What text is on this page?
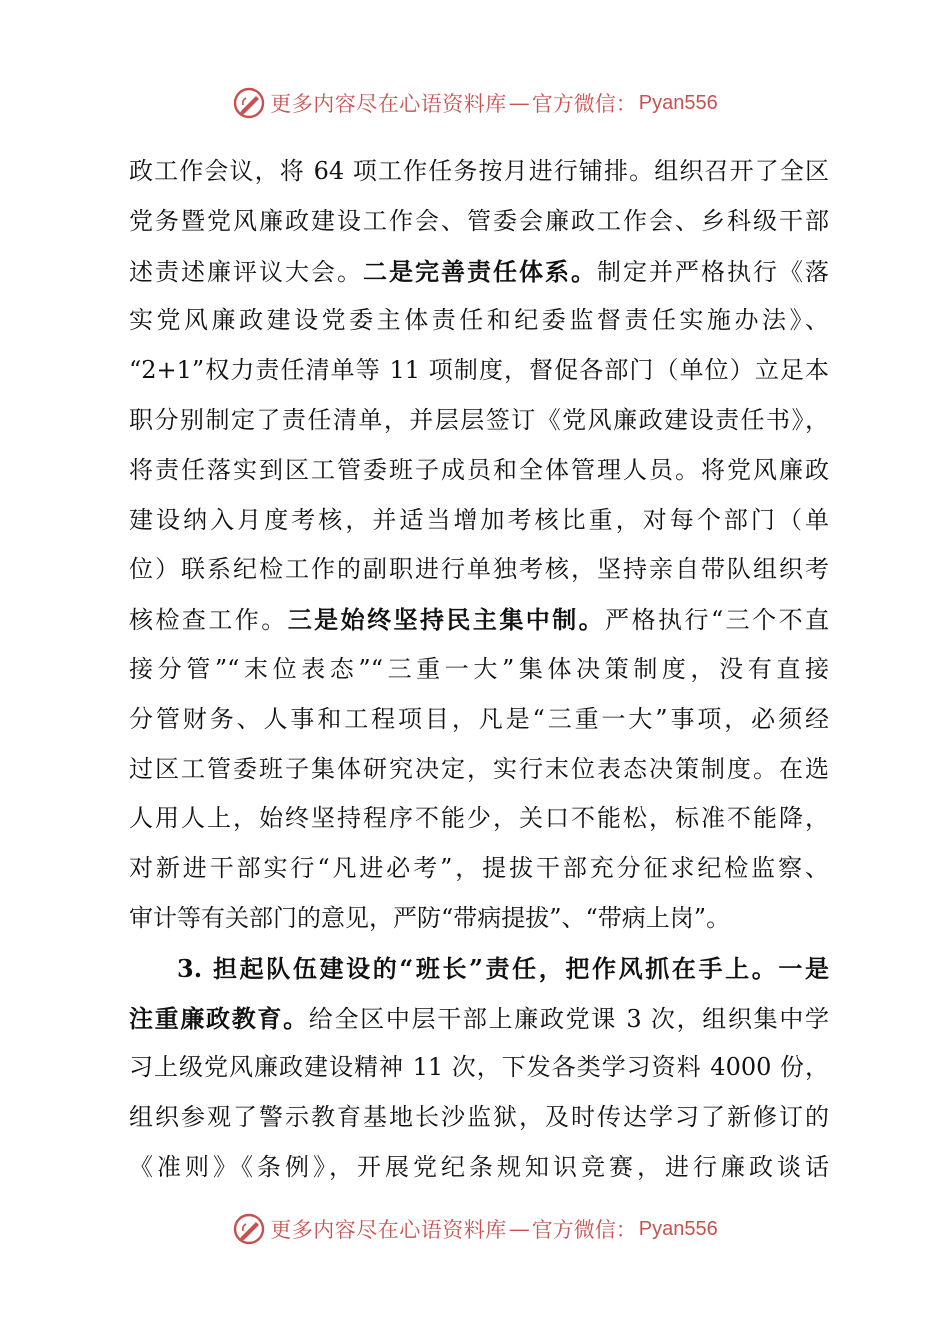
更多内容尽在心语资料库 — 官方微信： Pyan556
政工作会议，将 64 项工作任务按月进行铺排。组织召开了全区
党务暨党风廉政建设工作会、管委会廉政工作会、乡科级干部
述责述廉评议大会。二是完善责任体系。制定并严格执行《落
实党风廉政建设党委主体责任和纪委监督责任实施办法》、
“2+1”权力责任清单等 11 项制度，督促各部门（单位）立足本
职分别制定了责任清单，并层层签订《党风廉政建设责任书》，
将责任落实到区工管委班子成员和全体管理人员。将党风廉政
建设纳入月度考核，并适当增加考核比重，对每个部门（单
位）联系纪检工作的副职进行单独考核，坚持亲自带队组织考
核检查工作。三是始终坚持民主集中制。严格执行“三个不直
接分管”“末位表态”“三重一大”集体决策制度，没有直接
分管财务、人事和工程项目，凡是“三重一大”事项，必须经
过区工管委班子集体研究决定，实行末位表态决策制度。在选
人用人上，始终坚持程序不能少，关口不能松，标准不能降，
对新进干部实行“凡进必考”，提拔干部充分征求纪检监察、
审计等有关部门的意见，严防“带病提拔”、“带病上岗”。
3. 担起队伍建设的“班长”责任，把作风抓在手上。一是
注重廉政教育。给全区中层干部上廉政党课 3 次，组织集中学
习上级党风廉政建设精神 11 次，下发各类学习资料 4000 份，
组织参观了警示教育基地长沙监狱，及时传达学习了新修订的
《准则》《条例》，开展党纪条规知识竞赛，进行廉政谈话
更多内容尽在心语资料库 — 官方微信： Pyan556
